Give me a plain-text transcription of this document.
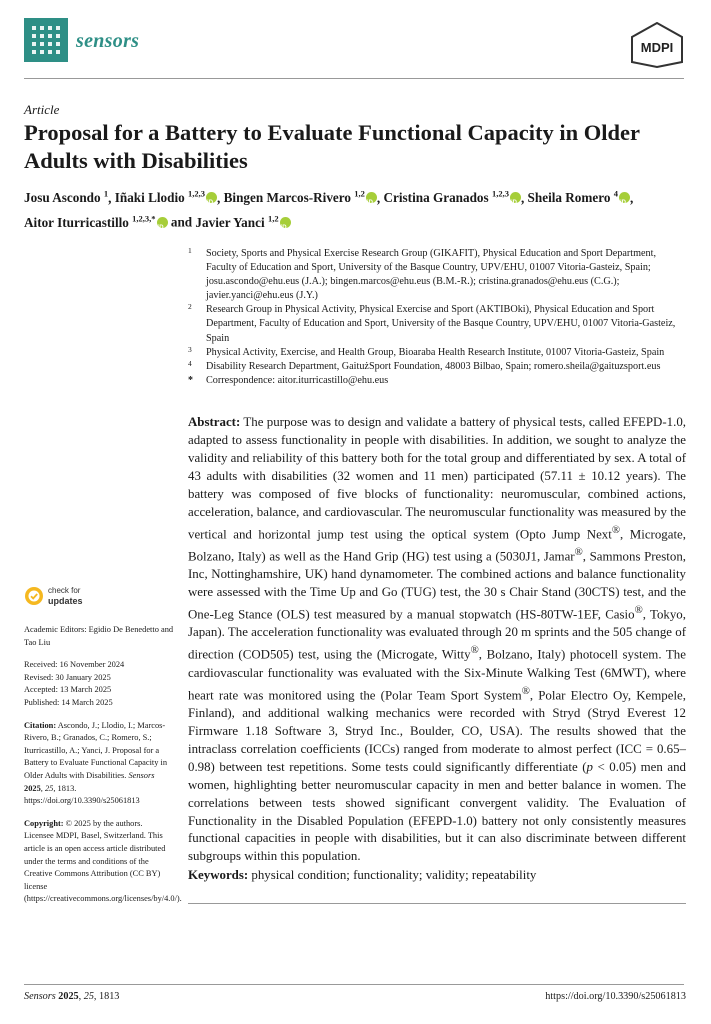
sensors	MDPI
Article
Proposal for a Battery to Evaluate Functional Capacity in Older Adults with Disabilities
Josu Ascondo $^1$, Iñaki Llodio $^{1,2,3}$ iD , Bingen Marcos-Rivero $^{1,2}$ iD , Cristina Granados $^{1,2,3}$ iD , Sheila Romero $^4$ iD ,
Aitor Iturricastillo $^{1,2,3,*}$ iD and Javier Yanci $^{1,2}$iD
1 Society, Sports and Physical Exercise Research Group (GIKAFIT), Physical Education and Sport Department, Faculty of Education and Sport, University of the Basque Country, UPV/EHU, 01007 Vitoria-Gasteiz, Spain; josu.ascondo@ehu.eus (J.A.); bingen.marcos@ehu.eus (B.M.-R.); cristina.granados@ehu.eus (C.G.); javier.yanci@ehu.eus (J.Y.)
2 Research Group in Physical Activity, Physical Exercise and Sport (AKTIBOki), Physical Education and Sport Department, Faculty of Education and Sport, University of the Basque Country, UPV/EHU, 01007 Vitoria-Gasteiz, Spain
3 Physical Activity, Exercise, and Health Group, Bioaraba Health Research Institute, 01007 Vitoria-Gasteiz, Spain
4 Disability Research Department, GaitużSport Foundation, 48003 Bilbao, Spain; romero.sheila@gaituzsport.eus
* Correspondence: aitor.iturricastillo@ehu.eus
Abstract: The purpose was to design and validate a battery of physical tests, called EFEPD-1.0, adapted to assess functionality in people with disabilities. In addition, we sought to analyze the validity and reliability of this battery both for the total group and differentiated by sex. A total of 43 adults with disabilities (32 women and 11 men) participated (57.11 ± 10.12 years). The battery was composed of five blocks of functionality: neuromuscular, combined actions, acceleration, balance, and cardiovascular. The neuromuscular functionality was measured by the vertical and horizontal jump test using the optical system (Opto Jump Next®, Microgate, Bolzano, Italy) as well as the Hand Grip (HG) test using a (5030J1, Jamar®, Sammons Preston, Inc, Nottinghamshire, UK) hand dynamometer. The combined actions and balance functionality were assessed with the Time Up and Go (TUG) test, the 30 s Chair Stand (30CTS) test, and the One-Leg Stance (OLS) test measured by a manual stopwatch (HS-80TW-1EF, Casio®, Tokyo, Japan). The acceleration functionality was evaluated through 20 m sprints and the 505 change of direction (COD505) test, using the (Microgate, Witty®, Bolzano, Italy) photocell system. The cardiovascular functionality was evaluated with the Six-Minute Walking Test (6MWT), where heart rate was monitored using the (Polar Team Sport System®, Polar Electro Oy, Kempele, Finland), and additional walking mechanics were recorded with Stryd (Stryd Everest 12 Firmware 1.18 Software 3, Stryd Inc., Boulder, CO, USA). The results showed that the intraclass correlation coefficients (ICCs) ranged from moderate to almost perfect (ICC = 0.65–0.98) between test repetitions. Some tests could significantly differentiate (p < 0.05) men and women, highlighting better neuromuscular capacity in men and better balance in women. The correlations between tests showed significant convergent validity. The Evaluation of Functionality in the Disabled Population (EFEPD-1.0) battery not only consistently measures functional capacities in people with disabilities, but it can also discriminate between different subgroups within this population.
Keywords: physical condition; functionality; validity; repeatability
check for
updates
Academic Editors: Egidio De Benedetto and Tao Liu
Received: 16 November 2024
Revised: 30 January 2025
Accepted: 13 March 2025
Published: 14 March 2025
Citation: Ascondo, J.; Llodio, I.; Marcos-Rivero, B.; Granados, C.; Romero, S.; Iturricastillo, A.; Yanci, J. Proposal for a Battery to Evaluate Functional Capacity in Older Adults with Disabilities. Sensors 2025, 25, 1813. https://doi.org/10.3390/s25061813
Copyright: © 2025 by the authors. Licensee MDPI, Basel, Switzerland. This article is an open access article distributed under the terms and conditions of the Creative Commons Attribution (CC BY) license (https://creativecommons.org/licenses/by/4.0/).
Sensors 2025, 25, 1813	https://doi.org/10.3390/s25061813
